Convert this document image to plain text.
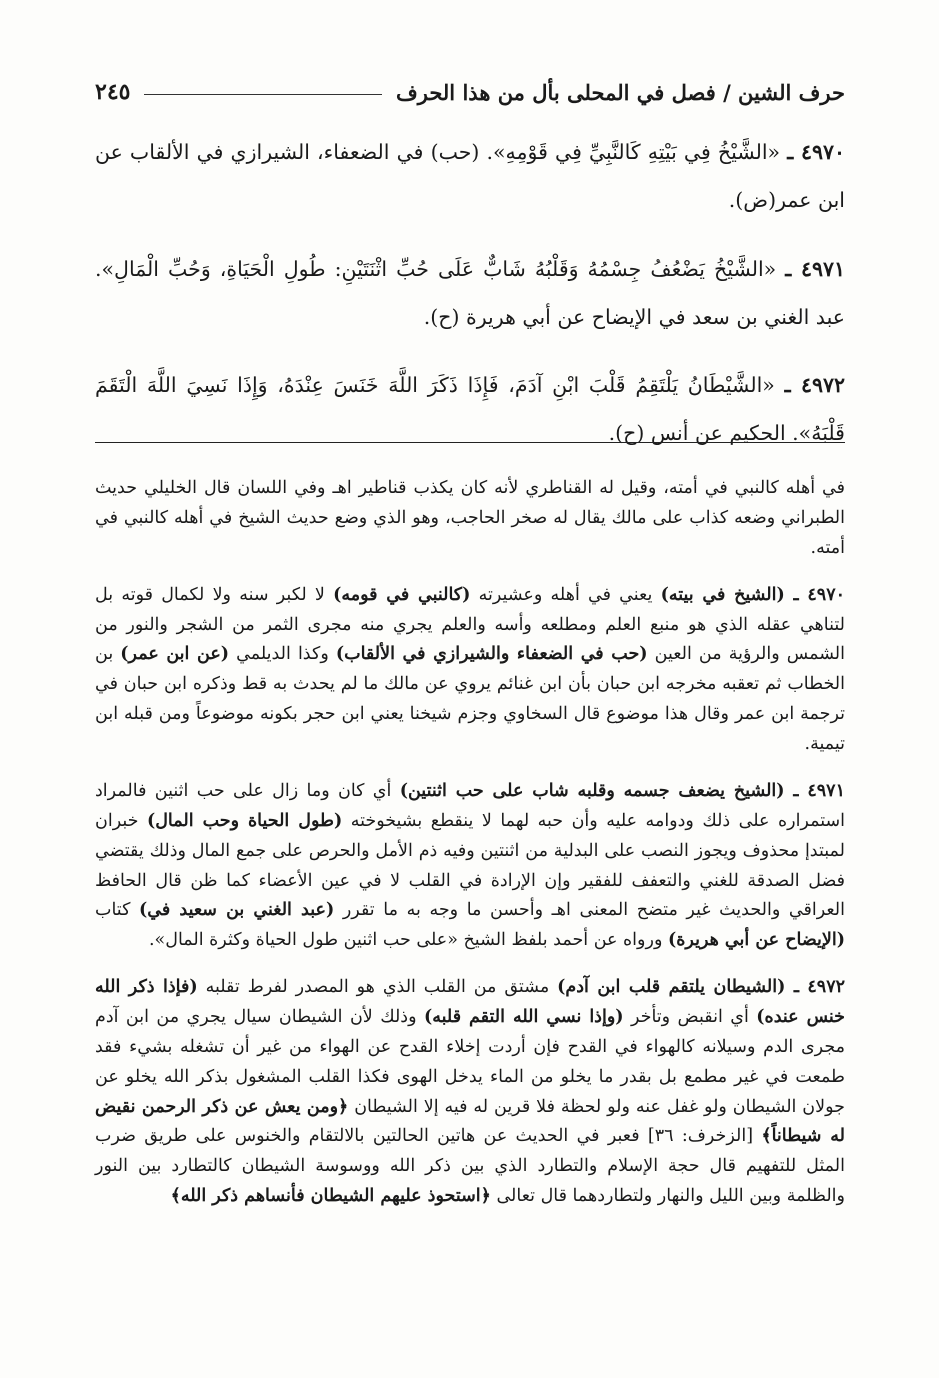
حرف الشين / فصل في المحلى بأل من هذا الحرف
٢٤٥

٤٩٧٠ ـ «الشَّيْخُ فِي بَيْتِهِ كَالنَّبِيِّ فِي قَوْمِهِ». (حب) في الضعفاء، الشيرازي في الألقاب عن ابن عمر(ض).

٤٩٧١ ـ «الشَّيْخُ يَضْعُفُ جِسْمُهُ وَقَلْبُهُ شَابٌّ عَلَى حُبِّ اثْنَتَيْنِ: طُولِ الْحَيَاةِ، وَحُبِّ الْمَالِ». عبد الغني بن سعد في الإيضاح عن أبي هريرة (ح).

٤٩٧٢ ـ «الشَّيْطَانُ يَلْتَقِمُ قَلْبَ ابْنِ آدَمَ، فَإِذَا ذَكَرَ اللَّهَ خَنَسَ عِنْدَهُ، وَإِذَا نَسِيَ اللَّهَ الْتَقَمَ قَلْبَهُ». الحكيم عن أنس (ح).

في أهله كالنبي في أمته، وقيل له القناطري لأنه كان يكذب قناطير اهـ وفي اللسان قال الخليلي حديث الطبراني وضعه كذاب على مالك يقال له صخر الحاجب، وهو الذي وضع حديث الشيخ في أهله كالنبي في أمته.

٤٩٧٠ ـ (الشيخ في بيته) يعني في أهله وعشيرته (كالنبي في قومه) لا لكبر سنه ولا لكمال قوته بل لتناهي عقله الذي هو منبع العلم ومطلعه وأسه والعلم يجري منه مجرى الثمر من الشجر والنور من الشمس والرؤية من العين (حب في الضعفاء والشيرازي في الألقاب) وكذا الديلمي (عن ابن عمر) بن الخطاب ثم تعقبه مخرجه ابن حبان بأن ابن غنائم يروي عن مالك ما لم يحدث به قط وذكره ابن حبان في ترجمة ابن عمر وقال هذا موضوع قال السخاوي وجزم شيخنا يعني ابن حجر بكونه موضوعاً ومن قبله ابن تيمية.

٤٩٧١ ـ (الشيخ يضعف جسمه وقلبه شاب على حب اثنتين) أي كان وما زال على حب اثنين فالمراد استمراره على ذلك ودوامه عليه وأن حبه لهما لا ينقطع بشيخوخته (طول الحياة وحب المال) خبران لمبتدإ محذوف ويجوز النصب على البدلية من اثنتين وفيه ذم الأمل والحرص على جمع المال وذلك يقتضي فضل الصدقة للغني والتعفف للفقير وإن الإرادة في القلب لا في عين الأعضاء كما ظن قال الحافظ العراقي والحديث غير متضح المعنى اهـ وأحسن ما وجه به ما تقرر (عبد الغني بن سعيد في) كتاب (الإيضاح عن أبي هريرة) ورواه عن أحمد بلفظ الشيخ «على حب اثنين طول الحياة وكثرة المال».

٤٩٧٢ ـ (الشيطان يلتقم قلب ابن آدم) مشتق من القلب الذي هو المصدر لفرط تقلبه (فإذا ذكر الله خنس عنده) أي انقبض وتأخر (وإذا نسي الله التقم قلبه) وذلك لأن الشيطان سيال يجري من ابن آدم مجرى الدم وسيلانه كالهواء في القدح فإن أردت إخلاء القدح عن الهواء من غير أن تشغله بشيء فقد طمعت في غير مطمع بل بقدر ما يخلو من الماء يدخل الهوى فكذا القلب المشغول بذكر الله يخلو عن جولان الشيطان ولو غفل عنه ولو لحظة فلا قرين له فيه إلا الشيطان ﴿ومن يعش عن ذكر الرحمن نقيض له شيطاناً﴾ [الزخرف: ٣٦] فعبر في الحديث عن هاتين الحالتين بالالتقام والخنوس على طريق ضرب المثل للتفهيم قال حجة الإسلام والتطارد الذي بين ذكر الله ووسوسة الشيطان كالتطارد بين النور والظلمة وبين الليل والنهار ولتطاردهما قال تعالى ﴿استحوذ عليهم الشيطان فأنساهم ذكر الله﴾
